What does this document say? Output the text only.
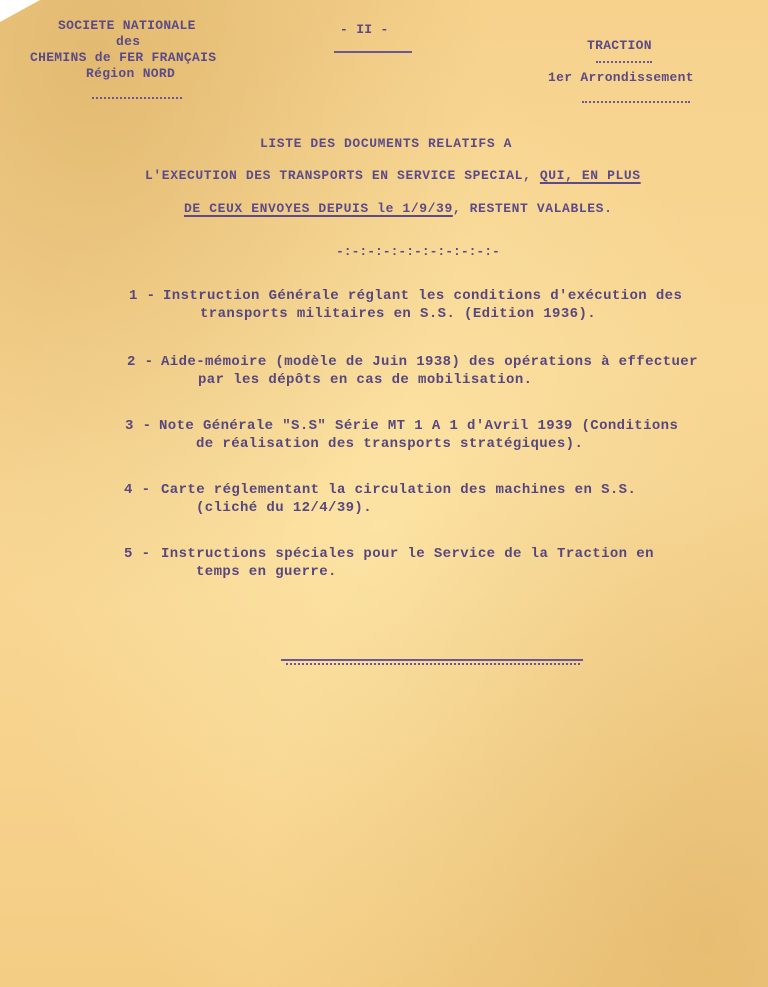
SOCIETE NATIONALE
des
CHEMINS de FER FRANÇAIS
Région NORD
- II -
TRACTION
1er Arrondissement
LISTE DES DOCUMENTS RELATIFS A
L'EXECUTION DES TRANSPORTS EN SERVICE SPECIAL, QUI, EN PLUS
DE CEUX ENVOYES DEPUIS le 1/9/39, RESTENT VALABLES.
-:-:-:-:-:-:-:-:-:-:-
1 - Instruction Générale réglant les conditions d'exécution des
transports militaires en S.S. (Edition 1936).
2 - Aide-mémoire (modèle de Juin 1938) des opérations à effectuer
par les dépôts en cas de mobilisation.
3 - Note Générale "S.S" Série MT 1 A 1 d'Avril 1939 (Conditions
de réalisation des transports stratégiques).
4 - Carte réglementant la circulation des machines en S.S.
(cliché du 12/4/39).
5 - Instructions spéciales pour le Service de la Traction en
temps en guerre.
